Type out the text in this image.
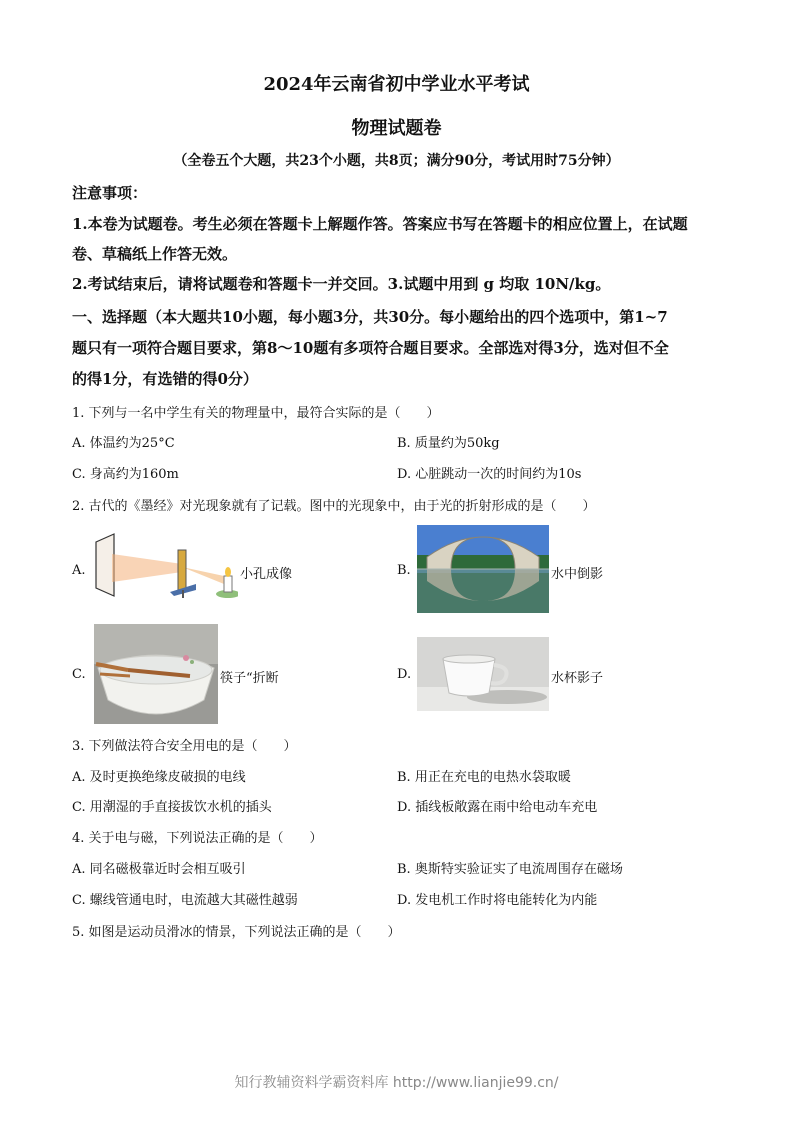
2024年云南省初中学业水平考试
物理试题卷
（全卷五个大题，共23个小题，共8页；满分90分，考试用时75分钟）
注意事项：
1.本卷为试题卷。考生必须在答题卡上解题作答。答案应书写在答题卡的相应位置上，在试题
卷、草稿纸上作答无效。
2.考试结束后，请将试题卷和答题卡一并交回。3.试题中用到 g 均取 10N/kg。
一、选择题（本大题共10小题，每小题3分，共30分。每小题给出的四个选项中，第1~7
题只有一项符合题目要求，第8～10题有多项符合题目要求。全部选对得3分，选对但不全
的得1分，有选错的得0分）
1. 下列与一名中学生有关的物理量中，最符合实际的是（　　）
A. 体温约为25°C	B. 质量约为50kg
C. 身高约为160m	D. 心脏跳动一次的时间约为10s
2. 古代的《墨经》对光现象就有了记载。图中的光现象中，由于光的折射形成的是（　　）
A.	小孔成像	B.	水中倒影
C.	筷子“折断	D.	水杯影子
3. 下列做法符合安全用电的是（　　）
A. 及时更换绝缘皮破损的电线	B. 用正在充电的电热水袋取暖
C. 用潮湿的手直接拔饮水机的插头	D. 插线板敞露在雨中给电动车充电
4. 关于电与磁，下列说法正确的是（　　）
A. 同名磁极靠近时会相互吸引	B. 奥斯特实验证实了电流周围存在磁场
C. 螺线管通电时，电流越大其磁性越弱	D. 发电机工作时将电能转化为内能
5. 如图是运动员滑冰的情景，下列说法正确的是（　　）
知行教辅资料学霸资料库 http://www.lianjie99.cn/
